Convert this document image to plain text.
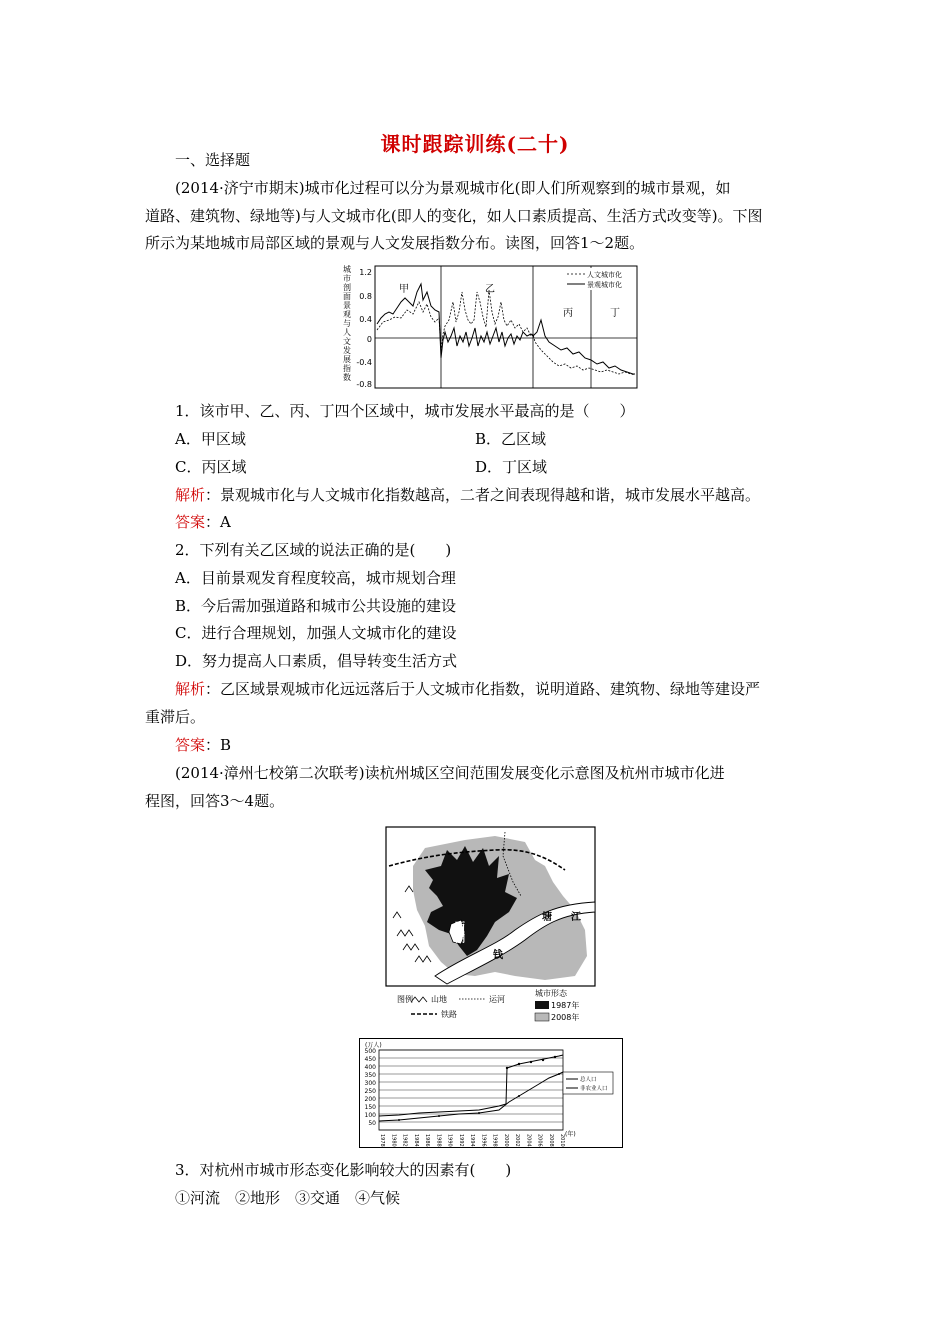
课时跟踪训练(二十)
一、选择题
(2014·济宁市期末)城市化过程可以分为景观城市化(即人们所观察到的城市景观，如
道路、建筑物、绿地等)与人文城市化(即人的变化，如人口素质提高、生活方式改变等)。下图
所示为某地城市局部区域的景观与人文发展指数分布。读图，回答1～2题。
城
市
剖
面
景
观
与
人
文
发
展
指
数
1.2
0.8
0.4
0
-0.4
-0.8
甲	乙
丙	丁
人文城市化
景观城市化
1．该市甲、乙、丙、丁四个区域中，城市发展水平最高的是（　　）
A．甲区域	B．乙区域
C．丙区域	D．丁区域
解析：景观城市化与人文城市化指数越高，二者之间表现得越和谐，城市发展水平越高。
答案：A
2．下列有关乙区域的说法正确的是(　　)
A．目前景观发育程度较高，城市规划合理
B．今后需加强道路和城市公共设施的建设
C．进行合理规划，加强人文城市化的建设
D．努力提高人口素质，倡导转变生活方式
解析：乙区域景观城市化远远落后于人文城市化指数，说明道路、建筑物、绿地等建设严
重滞后。
答案：B
(2014·漳州七校第二次联考)读杭州城区空间范围发展变化示意图及杭州市城市化进
程图，回答3～4题。
西
湖
钱
塘 江
图例 山地	运河
铁路
城市形态
1987年
2008年
(万人)
500
450
400
350
300
250
200
150
100
50
1978 1980 1982 1984 1986 1988 1990 1992 1994 1996 1998 2000 2002 2004 2006 2008 2010 (年)
总人口
非农业人口
3．对杭州市城市形态变化影响较大的因素有(　　)
①河流　②地形　③交通　④气候
